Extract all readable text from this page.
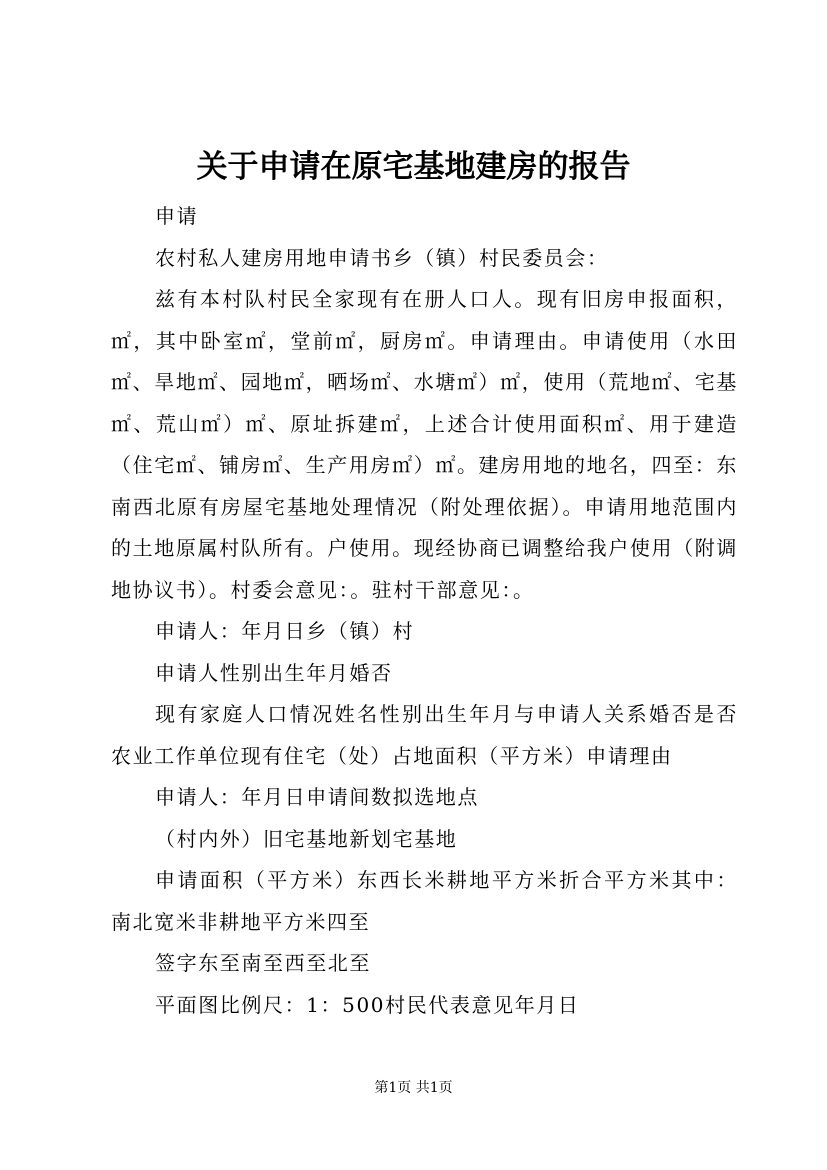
关于申请在原宅基地建房的报告

申请

农村私人建房用地申请书乡（镇）村民委员会：

兹有本村队村民全家现有在册人口人。现有旧房申报面积，㎡，其中卧室㎡，堂前㎡，厨房㎡。申请理由。申请使用（水田㎡、旱地㎡、园地㎡，晒场㎡、水塘㎡）㎡，使用（荒地㎡、宅基㎡、荒山㎡）㎡、原址拆建㎡，上述合计使用面积㎡、用于建造（住宅㎡、铺房㎡、生产用房㎡）㎡。建房用地的地名，四至：东南西北原有房屋宅基地处理情况（附处理依据）。申请用地范围内的土地原属村队所有。户使用。现经协商已调整给我户使用（附调地协议书）。村委会意见：。驻村干部意见：。

申请人：年月日乡（镇）村

申请人性别出生年月婚否

现有家庭人口情况姓名性别出生年月与申请人关系婚否是否农业工作单位现有住宅（处）占地面积（平方米）申请理由

申请人：年月日申请间数拟选地点

（村内外）旧宅基地新划宅基地

申请面积（平方米）东西长米耕地平方米折合平方米其中：南北宽米非耕地平方米四至

签字东至南至西至北至

平面图比例尺：1：500村民代表意见年月日

第1页 共1页
